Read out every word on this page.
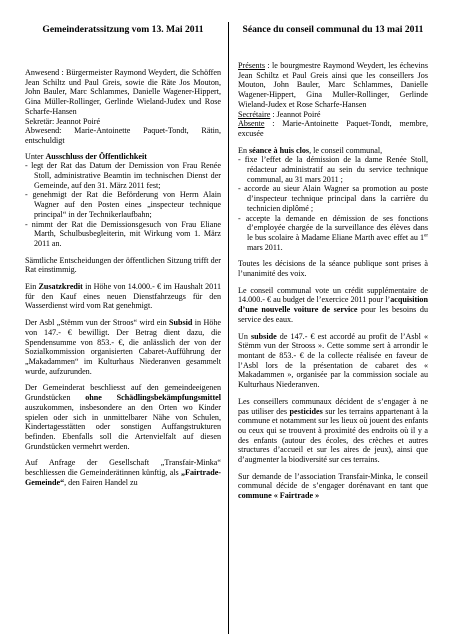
Gemeinderatssitzung vom 13. Mai 2011

Anwesend : Bürgermeister Raymond Weydert, die Schöffen Jean Schiltz und Paul Greis, sowie die Räte Jos Mouton, John Bauler, Marc Schlammes, Danielle Wagener-Hippert, Gina Müller-Rollinger, Gerlinde Wieland-Judex und Rose Scharfe-Hansen
Sekretär: Jeannot Poiré
Abwesend: Marie-Antoinette Paquet-Tondt, Rätin, entschuldigt

Unter Ausschluss der Öffentlichkeit

- legt der Rat das Datum der Demission von Frau Renée Stoll, administrative Beamtin im technischen Dienst der Gemeinde, auf den 31. März 2011 fest;
- genehmigt der Rat die Beförderung von Herrn Alain Wagner auf den Posten eines „inspecteur technique principal“ in der Technikerlaufbahn;
- nimmt der Rat die Demissionsgesuch von Frau Eliane Marth, Schulbusbegleiterin, mit Wirkung vom 1. März 2011 an.

Sämtliche Entscheidungen der öffentlichen Sitzung trifft der Rat einstimmig.

Ein Zusatzkredit in Höhe von 14.000.- € im Haushalt 2011 für den Kauf eines neuen Dienstfahrzeugs für den Wasserdienst wird vom Rat genehmigt.

Der Asbl „Stëmm vun der Stroos“ wird ein Subsid in Höhe von 147.- € bewilligt. Der Betrag dient dazu, die Spendensumme von 853.- €, die anlässlich der von der Sozialkommission organisierten Cabaret-Aufführung der „Makadammen“ im Kulturhaus Niederanven gesammelt wurde, aufzurunden.

Der Gemeinderat beschliesst auf den gemeindeeigenen Grundstücken ohne Schädlingsbekämpfungsmittel auszukommen, insbesondere an den Orten wo Kinder spielen oder sich in unmittelbarer Nähe von Schulen, Kindertagesstätten oder sonstigen Auffangstrukturen befinden. Ebenfalls soll die Artenvielfalt auf diesen Grundstücken vermehrt werden.

Auf Anfrage der Gesellschaft „Transfair-Minka“ beschliessen die Gemeinderätinnen künftig, als „Fairtrade-Gemeinde“, den Fairen Handel zu

Séance du conseil communal du 13 mai 2011

Présents : le bourgmestre Raymond Weydert, les échevins Jean Schiltz et Paul Greis ainsi que les conseillers Jos Mouton, John Bauler, Marc Schlammes, Danielle Wagener-Hippert, Gina Muller-Rollinger, Gerlinde Wieland-Judex et Rose Scharfe-Hansen
Secrétaire : Jeannot Poiré
Absente : Marie-Antoinette Paquet-Tondt, membre, excusée

En séance à huis clos, le conseil communal,

- fixe l’effet de la démission de la dame Renée Stoll, rédacteur administratif au sein du service technique communal, au 31 mars 2011 ;
- accorde au sieur Alain Wagner sa promotion au poste d’inspecteur technique principal dans la carrière du technicien diplômé ;
- accepte la demande en démission de ses fonctions d’employée chargée de la surveillance des élèves dans le bus scolaire à Madame Eliane Marth avec effet au 1er mars 2011.

Toutes les décisions de la séance publique sont prises à l’unanimité des voix.

Le conseil communal vote un crédit supplémentaire de 14.000.- € au budget de l’exercice 2011 pour l’acquisition d’une nouvelle voiture de service pour les besoins du service des eaux.

Un subside de 147.- € est accordé au profit de l’Asbl « Stëmm vun der Strooss ». Cette somme sert à arrondir le montant de 853.- € de la collecte réalisée en faveur de l’Asbl lors de la présentation de cabaret des « Makadammen », organisée par la commission sociale au Kulturhaus Niederanven.

Les conseillers communaux décident de s’engager à ne pas utiliser des pesticides sur les terrains appartenant à la commune et notamment sur les lieux où jouent des enfants ou ceux qui se trouvent à proximité des endroits où il y a des enfants (autour des écoles, des crèches et autres structures d’accueil et sur les aires de jeux), ainsi que d’augmenter la biodiversité sur ces terrains.

Sur demande de l’association Transfair-Minka, le conseil communal décide de s’engager dorénavant en tant que commune « Fairtrade »
